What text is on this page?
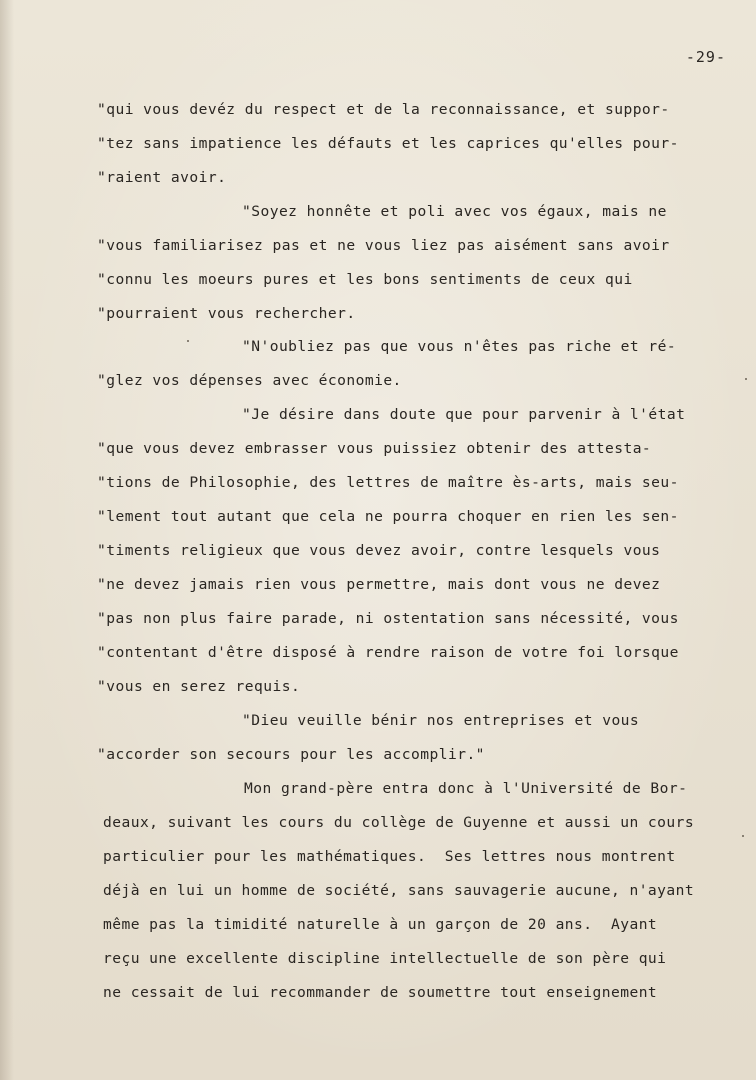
-29-
"qui vous devéz du respect et de la reconnaissance, et suppor-
"tez sans impatience les défauts et les caprices qu'elles pour-
"raient avoir.
"Soyez honnête et poli avec vos égaux, mais ne
"vous familiarisez pas et ne vous liez pas aisément sans avoir
"connu les moeurs pures et les bons sentiments de ceux qui
"pourraient vous rechercher.
"N'oubliez pas que vous n'êtes pas riche et ré-
"glez vos dépenses avec économie.
"Je désire dans doute que pour parvenir à l'état
"que vous devez embrasser vous puissiez obtenir des attesta-
"tions de Philosophie, des lettres de maître ès-arts, mais seu-
"lement tout autant que cela ne pourra choquer en rien les sen-
"timents religieux que vous devez avoir, contre lesquels vous
"ne devez jamais rien vous permettre, mais dont vous ne devez
"pas non plus faire parade, ni ostentation sans nécessité, vous
"contentant d'être disposé à rendre raison de votre foi lorsque
"vous en serez requis.
"Dieu veuille bénir nos entreprises et vous
"accorder son secours pour les accomplir."
Mon grand-père entra donc à l'Université de Bor-
deaux, suivant les cours du collège de Guyenne et aussi un cours
particulier pour les mathématiques.  Ses lettres nous montrent
déjà en lui un homme de société, sans sauvagerie aucune, n'ayant
même pas la timidité naturelle à un garçon de 20 ans.  Ayant
reçu une excellente discipline intellectuelle de son père qui
ne cessait de lui recommander de soumettre tout enseignement
